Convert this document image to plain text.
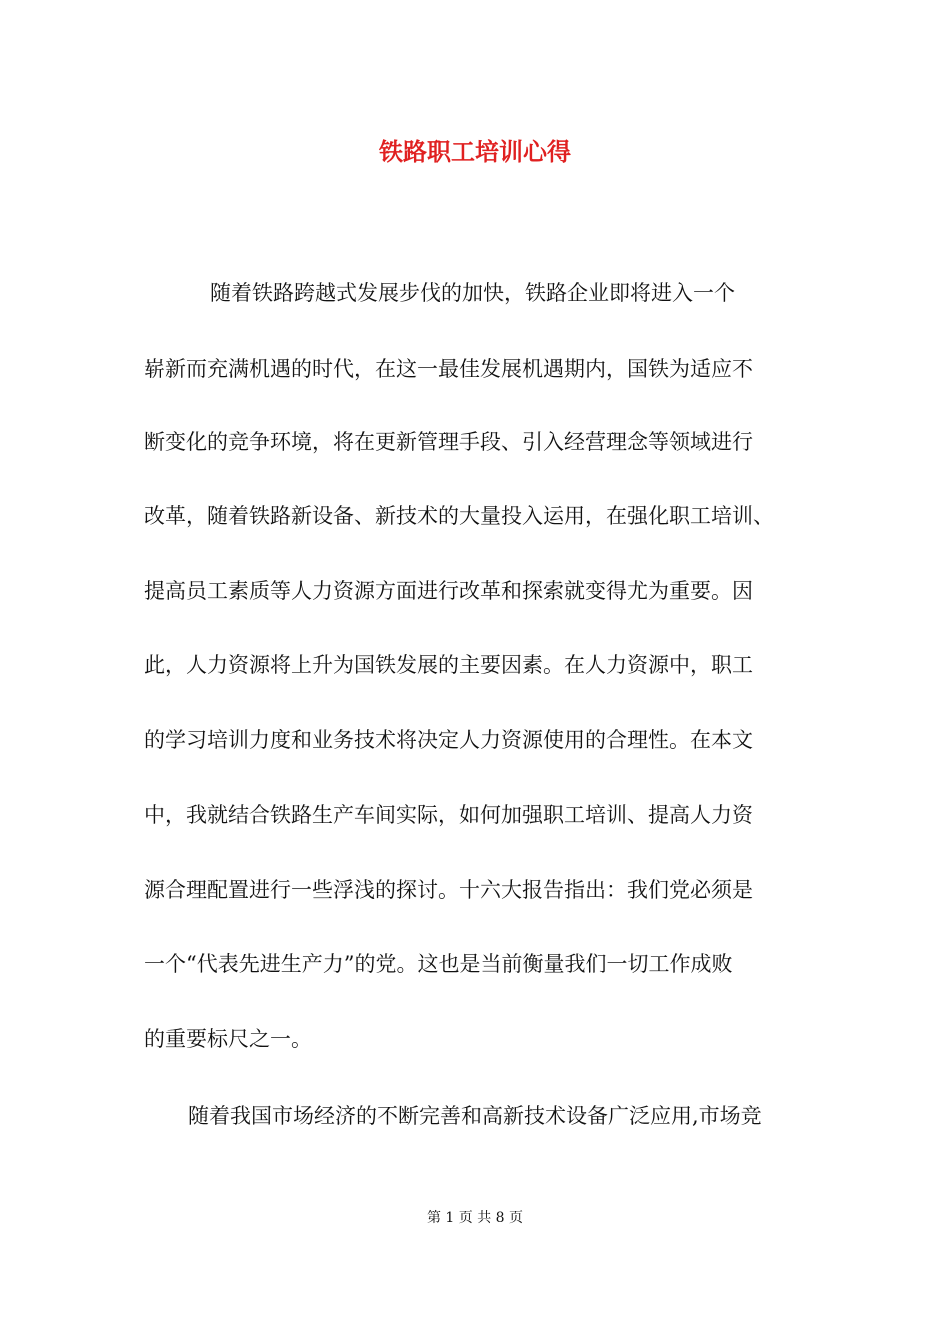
铁路职工培训心得

随着铁路跨越式发展步伐的加快，铁路企业即将进入一个

崭新而充满机遇的时代，在这一最佳发展机遇期内，国铁为适应不

断变化的竞争环境，将在更新管理手段、引入经营理念等领域进行

改革，随着铁路新设备、新技术的大量投入运用，在强化职工培训、

提高员工素质等人力资源方面进行改革和探索就变得尤为重要。因

此，人力资源将上升为国铁发展的主要因素。在人力资源中，职工

的学习培训力度和业务技术将决定人力资源使用的合理性。在本文

中，我就结合铁路生产车间实际，如何加强职工培训、提高人力资

源合理配置进行一些浮浅的探讨。十六大报告指出：我们党必须是

一个“代表先进生产力”的党。这也是当前衡量我们一切工作成败

的重要标尺之一。

随着我国市场经济的不断完善和高新技术设备广泛应用,市场竞

第 1 页 共 8 页
